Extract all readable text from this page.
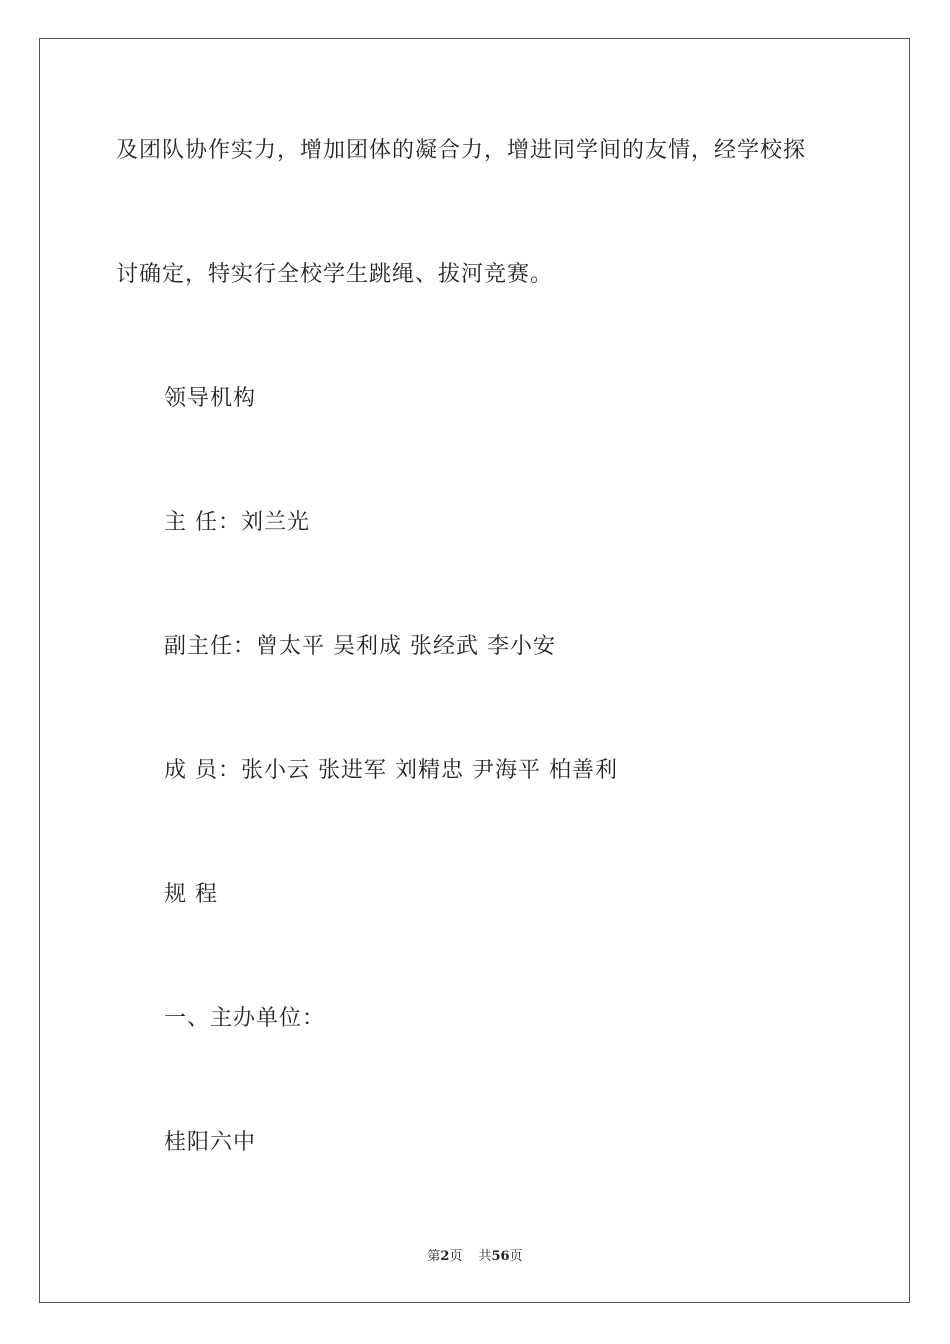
及团队协作实力，增加团体的凝合力，增进同学间的友情，经学校探
讨确定，特实行全校学生跳绳、拔河竞赛。
领导机构
主 任：刘兰光
副主任：曾太平 吴利成 张经武 李小安
成 员：张小云 张进军 刘精忠 尹海平 柏善利
规 程
一、主办单位：
桂阳六中
第2页 共56页
